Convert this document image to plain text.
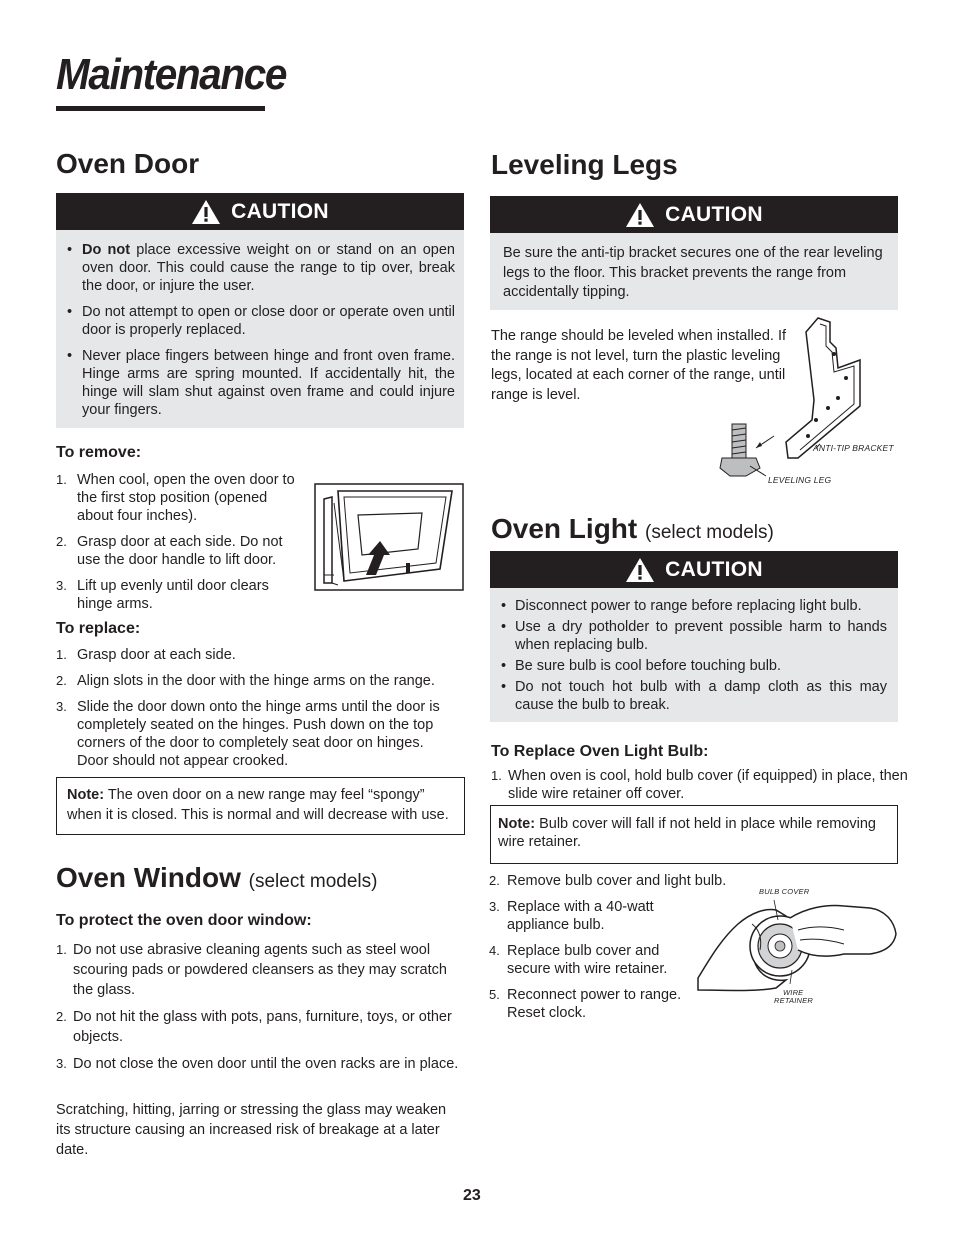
Maintenance
Oven Door
CAUTION
• Do not place excessive weight on or stand on an open oven door. This could cause the range to tip over, break the door, or injure the user.
• Do not attempt to open or close door or operate oven until door is properly replaced.
• Never place fingers between hinge and front oven frame. Hinge arms are spring mounted. If accidentally hit, the hinge will slam shut against oven frame and could injure your fingers.
To remove:
1. When cool, open the oven door to the first stop position (opened about four inches).
2. Grasp door at each side. Do not use the door handle to lift door.
3. Lift up evenly until door clears hinge arms.
To replace:
1. Grasp door at each side.
2. Align slots in the door with the hinge arms on the range.
3. Slide the door down onto the hinge arms until the door is completely seated on the hinges. Push down on the top corners of the door to completely seat door on hinges. Door should not appear crooked.
Note: The oven door on a new range may feel “spongy” when it is closed. This is normal and will decrease with use.
Oven Window (select models)
To protect the oven door window:
1. Do not use abrasive cleaning agents such as steel wool scouring pads or powdered cleansers as they may scratch the glass.
2. Do not hit the glass with pots, pans, furniture, toys, or other objects.
3. Do not close the oven door until the oven racks are in place.
Scratching, hitting, jarring or stressing the glass may weaken its structure causing an increased risk of breakage at a later date.
Leveling Legs
CAUTION
Be sure the anti-tip bracket secures one of the rear leveling legs to the floor. This bracket prevents the range from accidentally tipping.
The range should be leveled when installed. If the range is not level, turn the plastic leveling legs, located at each corner of the range, until range is level.
ANTI-TIP BRACKET
LEVELING LEG
Oven Light (select models)
CAUTION
• Disconnect power to range before replacing light bulb.
• Use a dry potholder to prevent possible harm to hands when replacing bulb.
• Be sure bulb is cool before touching bulb.
• Do not touch hot bulb with a damp cloth as this may cause the bulb to break.
To Replace Oven Light Bulb:
1. When oven is cool, hold bulb cover (if equipped) in place, then slide wire retainer off cover.
Note: Bulb cover will fall if not held in place while removing wire retainer.
2. Remove bulb cover and light bulb.
3. Replace with a 40-watt appliance bulb.
4. Replace bulb cover and secure with wire retainer.
5. Reconnect power to range. Reset clock.
BULB COVER
WIRE
RETAINER
23
